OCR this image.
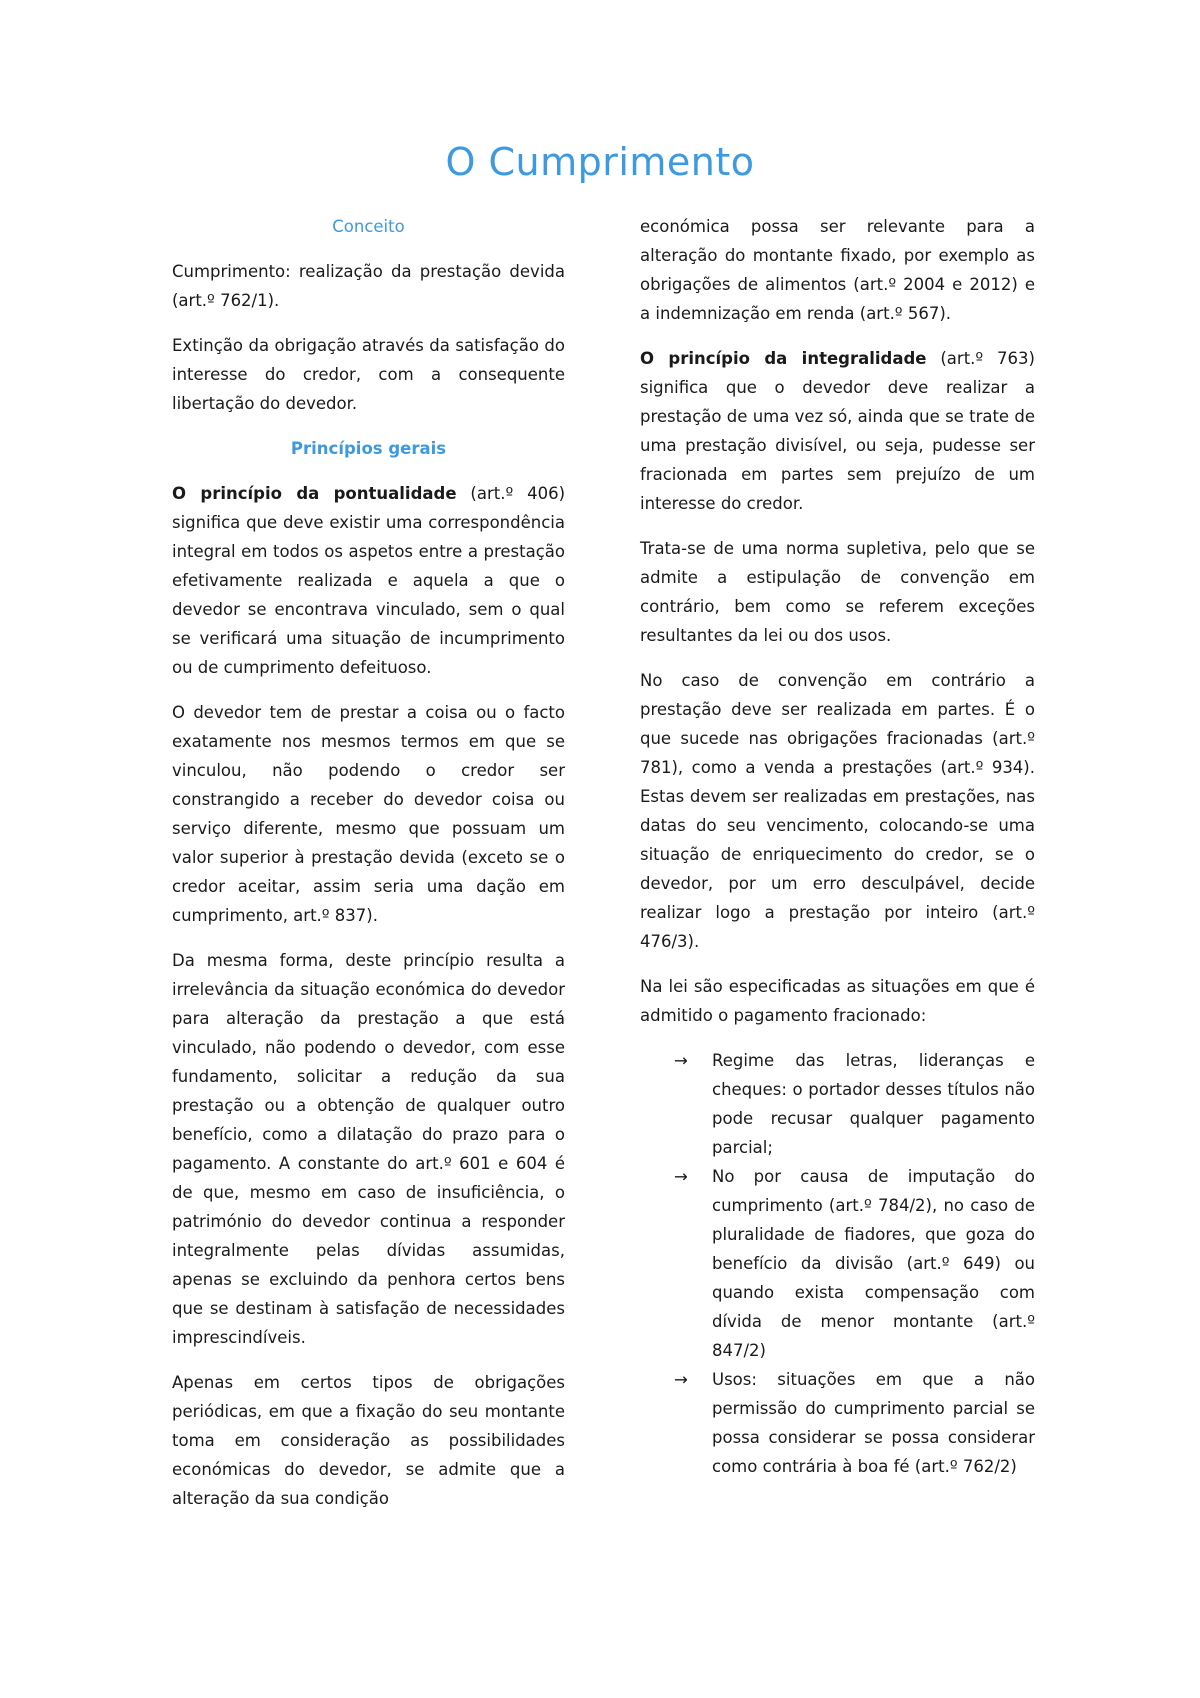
O Cumprimento
Conceito

Cumprimento: realização da prestação devida (art.º 762/1).

Extinção da obrigação através da satisfação do interesse do credor, com a consequente libertação do devedor.

Princípios gerais

O princípio da pontualidade (art.º 406) significa que deve existir uma correspondência integral em todos os aspetos entre a prestação efetivamente realizada e aquela a que o devedor se encontrava vinculado, sem o qual se verificará uma situação de incumprimento ou de cumprimento defeituoso.

O devedor tem de prestar a coisa ou o facto exatamente nos mesmos termos em que se vinculou, não podendo o credor ser constrangido a receber do devedor coisa ou serviço diferente, mesmo que possuam um valor superior à prestação devida (exceto se o credor aceitar, assim seria uma dação em cumprimento, art.º 837).

Da mesma forma, deste princípio resulta a irrelevância da situação económica do devedor para alteração da prestação a que está vinculado, não podendo o devedor, com esse fundamento, solicitar a redução da sua prestação ou a obtenção de qualquer outro benefício, como a dilatação do prazo para o pagamento. A constante do art.º 601 e 604 é de que, mesmo em caso de insuficiência, o património do devedor continua a responder integralmente pelas dívidas assumidas, apenas se excluindo da penhora certos bens que se destinam à satisfação de necessidades imprescindíveis.

Apenas em certos tipos de obrigações periódicas, em que a fixação do seu montante toma em consideração as possibilidades económicas do devedor, se admite que a alteração da sua condição

económica possa ser relevante para a alteração do montante fixado, por exemplo as obrigações de alimentos (art.º 2004 e 2012) e a indemnização em renda (art.º 567).

O princípio da integralidade (art.º 763) significa que o devedor deve realizar a prestação de uma vez só, ainda que se trate de uma prestação divisível, ou seja, pudesse ser fracionada em partes sem prejuízo de um interesse do credor.

Trata-se de uma norma supletiva, pelo que se admite a estipulação de convenção em contrário, bem como se referem exceções resultantes da lei ou dos usos.

No caso de convenção em contrário a prestação deve ser realizada em partes. É o que sucede nas obrigações fracionadas (art.º 781), como a venda a prestações (art.º 934). Estas devem ser realizadas em prestações, nas datas do seu vencimento, colocando-se uma situação de enriquecimento do credor, se o devedor, por um erro desculpável, decide realizar logo a prestação por inteiro (art.º 476/3).

Na lei são especificadas as situações em que é admitido o pagamento fracionado:

→ Regime das letras, lideranças e cheques: o portador desses títulos não pode recusar qualquer pagamento parcial;
→ No por causa de imputação do cumprimento (art.º 784/2), no caso de pluralidade de fiadores, que goza do benefício da divisão (art.º 649) ou quando exista compensação com dívida de menor montante (art.º 847/2)
→ Usos: situações em que a não permissão do cumprimento parcial se possa considerar se possa considerar como contrária à boa fé (art.º 762/2)
